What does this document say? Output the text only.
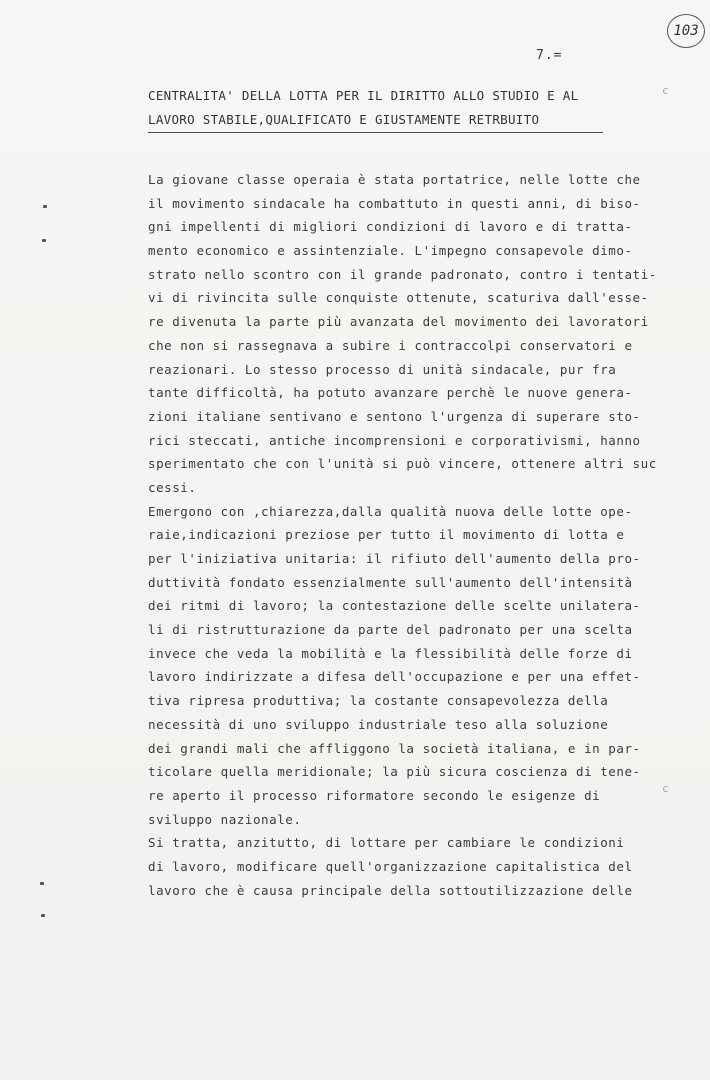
103
7.=
CENTRALITA' DELLA LOTTA PER IL DIRITTO ALLO STUDIO E AL
LAVORO STABILE,QUALIFICATO E GIUSTAMENTE RETRBUITO
c
c
La giovane classe operaia è stata portatrice, nelle lotte che
il movimento sindacale ha combattuto in questi anni, di biso-
gni impellenti di migliori condizioni di lavoro e di tratta-
mento economico e assintenziale. L'impegno consapevole dimo-
strato nello scontro con il grande padronato, contro i tentati-
vi di rivincita sulle conquiste ottenute, scaturiva dall'esse-
re divenuta la parte più avanzata del movimento dei lavoratori
che non si rassegnava a subire i contraccolpi conservatori e
reazionari. Lo stesso processo di unità sindacale, pur fra
tante difficoltà, ha potuto avanzare perchè le nuove genera-
zioni italiane sentivano e sentono l'urgenza di superare sto-
rici steccati, antiche incomprensioni e corporativismi, hanno
sperimentato che con l'unità si può vincere, ottenere altri suc
cessi.
Emergono con ,chiarezza,dalla qualità nuova delle lotte ope-
raie,indicazioni preziose per tutto il movimento di lotta e
per l'iniziativa unitaria: il rifiuto dell'aumento della pro-
duttività fondato essenzialmente sull'aumento dell'intensità
dei ritmi di lavoro; la contestazione delle scelte unilatera-
li di ristrutturazione da parte del padronato per una scelta
invece che veda la mobilità e la flessibilità delle forze di
lavoro indirizzate a difesa dell'occupazione e per una effet-
tiva ripresa produttiva; la costante consapevolezza della
necessità di uno sviluppo industriale teso alla soluzione
dei grandi mali che affliggono la società italiana, e in par-
ticolare quella meridionale; la più sicura coscienza di tene-
re aperto il processo riformatore secondo le esigenze di
sviluppo nazionale.
Si tratta, anzitutto, di lottare per cambiare le condizioni
di lavoro, modificare quell'organizzazione capitalistica del
lavoro che è causa principale della sottoutilizzazione delle
